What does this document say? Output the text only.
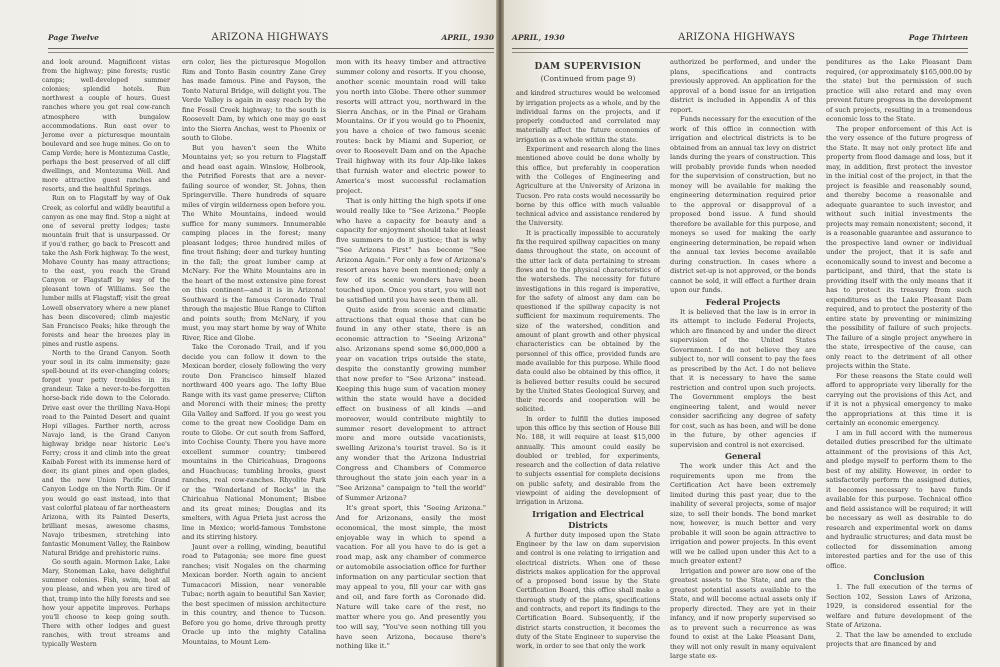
Page Twelve	ARIZONA HIGHWAYS	APRIL, 1930

and look around. Magnificent vistas from the highway; pine forests; rustic camps; well-developed summer colonies; splendid hotels. Run northwest a couple of hours. Guest ranches where you get real cow-ranch atmosphere with bungalow accommodations. Run east over to Jerome over a picturesque mountain boulevard and see huge mines. Go on to Camp Verde; here is Montezuma Castle, perhaps the best preserved of all cliff dwellings, and Montezuma Well. And more attractive guest ranches and resorts, and the healthful Springs.

Run on to Flagstaff by way of Oak Creek, as colorful and wildly beautiful a canyon as one may find. Stop a night at one of several pretty lodges; taste mountain fruit that is unsurpassed. Or if you'd rather, go back to Prescott and take the Ash Fork highway. To the west, Mohave County has many attractions; to the east, you reach the Grand Canyon or Flagstaff by way of the pleasant town of Williams. See the lumber mills at Flagstaff; visit the great Lowell observatory where a new planet has been discovered; climb majestic San Francisco Peaks; hike through the forests and hear the breezes play in pines and rustle aspens.

North to the Grand Canyon. Sooth your soul in its calm immensity; gaze spell-bound at its ever-changing colors; forget your petty troubles in its grandeur. Take a never-to-be-forgotten horse-back ride down to the Colorado. Drive east over the thrilling Nava-Hopi road to the Painted Desert and quaint Hopi villages. Farther north, across Navajo land, is the Grand Canyon highway bridge near historic Lee's Ferry; cross it and climb into the great Kaibab Forest with its immense herd of deer, its giant pines and open glades, and the new Union Pacific Grand Canyon Lodge on the North Rim. Or if you would go east instead, into that vast colorful plateau of far northeastern Arizona, with its Painted Deserts, brilliant mesas, awesome chasms, Navajo tribesmen, stretching into fantastic Monument Valley, the Rainbow Natural Bridge and prehistoric ruins.

Go south again. Mormon Lake, Lake Mary, Stoneman Lake, have delightful summer colonies. Fish, swim, boat all you please, and when you are tired of that, tramp into the hilly forests and see how your appetite improves. Perhaps you'll choose to keep going south. There with other lodges and guest ranches, with trout streams and typically Western

ern color, lies the picturesque Mogollon Rim and Tonto Basin country Zane Grey has made famous. Pine and Payson, the Tonto Natural Bridge, will delight you. The Verde Valley is again in easy reach by the fine Fossil Creek highway; to the south is Roosevelt Dam, by which one may go east into the Sierra Anchas, west to Phoenix or south to Globe.

But you haven't seen the White Mountains yet; so you return to Flagstaff and head east again. Winslow, Holbrook, the Petrified Forests that are a never-failing source of wonder, St. Johns, then Springerville. There hundreds of square miles of virgin wilderness open before you. The White Mountains, indeed would suffice for many summers. Innumerable camping places in the forest; many pleasant lodges; three hundred miles of fine trout fishing; deer and turkey hunting in the fall; the great lumber camp at McNary. For the White Mountains are in the heart of the most extensive pine forest on this continent—and it is in Arizona! Southward is the famous Coronado Trail through the majestic Blue Range to Clifton and points south; from McNary, if you must, you may start home by way of White River, Rice and Globe.

Take the Coronado Trail, and if you decide you can follow it down to the Mexican border, closely following the very route Don Francisco himself blazed northward 400 years ago. The lofty Blue Range with its vast game preserve; Clifton and Morenci with their mines; the pretty Gila Valley and Safford. If you go west you come to the great new Coolidge Dam en route to Globe. Or cut south from Safford, into Cochise County. There you have more excellent summer country; timbered mountains in the Chiricahuas, Dragoons and Huachucas; tumbling brooks, guest ranches, real cow-ranches. Rhyolite Park or the "Wonderland of Rocks" in the Chiricahua National Monument; Bisbee and its great mines; Douglas and its smelters, with Agua Prieta just across the line in Mexico; world-famous Tombstone and its stirring history.

Jaunt over a rolling, winding, beautiful road to Patagonia; see more fine guest ranches; visit Nogales on the charming Mexican border. North again to ancient Tumacacori Mission, near venerable Tubac; north again to beautiful San Xavier, the best specimen of mission architecture in this country, and thence to Tucson. Before you go home, drive through pretty Oracle up into the mighty Catalina Mountains, to Mount Lem-

mon with its heavy timber and attractive summer colony and resorts. If you choose, another scenic mountain road will take you north into Globe. There other summer resorts will attract you, northward in the Sierra Anchas, or in the Pinal or Graham Mountains. Or if you would go to Phoenix, you have a choice of two famous scenic routes: back by Miami and Superior, or over to Roosevelt Dam and on the Apache Trail highway with its four Alp-like lakes that furnish water and electric power to America's most successful reclamation project.

That is only hitting the high spots if one would really like to "See Arizona." People who have a capacity for beauty and a capacity for enjoyment should take at least five summers to do it justice; that is why "See Arizona First" has become "See Arizona Again." For only a few of Arizona's resort areas have been mentioned; only a few of its scenic wonders have been touched upon. Once you start, you will not be satisfied until you have seen them all.

Quite aside from scenic and climatic attractions that equal those that can be found in any other state, there is an economic attraction to "Seeing Arizona" also. Arizonans spend some $6,000,000 a year on vacation trips outside the state, despite the constantly growing number that now prefer to "See Arizona" instead. Keeping this huge sum of vacation money within the state would have a decided effect on business of all kinds —and moreover, would contribute mightily to summer resort development to attract more and more outside vacationists, swelling Arizona's tourist travel. So is it any wonder that the Arizona Industrial Congress and Chambers of Commerce throughout the state join each year in a "See Arizona" campaign to "tell the world" of Summer Arizona?

It's great sport, this "Seeing Arizona." And for Arizonans, easily the most economical, the most simple, the most enjoyable way in which to spend a vacation. For all you have to do is get a road map, ask any chamber of commerce or automobile association office for further information on any particular section that may appeal to you, fill your car with gas and oil, and fare forth as Coronado did. Nature will take care of the rest, no matter where you go. And presently you too will say, "You've seen nothing till you have seen Arizona, because there's nothing like it."

APRIL, 1930	ARIZONA HIGHWAYS	Page Thirteen
DAM SUPERVISION

(Continued from page 9)

and kindred structures would be welcomed by irrigation projects as a whole, and by the individual farms on the projects, and if properly conducted and correlated may materially affect the future economies of irrigation as a whole within the state.

Experiment and research along the lines mentioned above could be done wholly by this office, but preferably in cooperation with the Colleges of Engineering and Agriculture at the University of Arizona in Tucson. Pro rata costs would necessarily be borne by this office with much valuable technical advice and assistance rendered by the University.

It is practically impossible to accurately fix the required spillway capacities on many dams throughout the state, on account of the utter lack of data pertaining to stream flows and to the physical characteristics of the watersheds. The necessity for future investigations in this regard is imperative, for the safety of almost any dam can be questioned if the spillway capacity is not sufficient for maximum requirements. The size of the watershed, condition and amount of plant growth and other physical characteristics can be obtained by the personnel of this office, provided funds are made available for this purpose. While flood data could also be obtained by this office, it is believed better results could be secured by the United States Geological Survey, and their records and cooperation will be solicited.

In order to fulfill the duties imposed upon this office by this section of House Bill No. 188, it will require at least $15,000 annually. This amount could easily be doubled or trebled, for experiments, research and the collection of data relative to subjects essential for complete decisions on public safety, and desirable from the viewpoint of aiding the development of irrigation in Arizona.

Irrigation and Electrical Districts

A further duty imposed upon the State Engineer by the law on dam supervision and control is one relating to irrigation and electrical districts. When one of these districts makes application for the approval of a proposed bond issue by the State Certification Board, this office shall make a thorough study of the plans, specifications and contracts, and report its findings to the Certification Board. Subsequently, if the district starts construction, it becomes the duty of the State Engineer to supervise the work, in order to see that only the work

authorized be performed, and under the plans, specifications and contracts previously approved. An application for the approval of a bond issue for an irrigation district is included in Appendix A of this report.

Funds necessary for the execution of the work of this office in connection with irrigation and electrical districts is to be obtained from an annual tax levy on district lands during the years of construction. This will probably provide funds when needed for the supervision of construction, but no money will be available for making the engineering determination required prior to the approval or disapproval of a proposed bond issue. A fund should therefore be available for this purpose, and moneys so used for making the early engineering determination, be repaid when the annual tax levies become available during construction. In cases where a district set-up is not approved, or the bonds cannot be sold, it will effect a further drain upon our funds.

Federal Projects

It is believed that the law is in error in its attempt to include Federal Projects, which are financed by and under the direct supervision of the United States Government. I do not believe they are subject to, nor will consent to pay the fees as prescribed by the Act. I do not believe that it is necessary to have the same restriction and control upon such projects. The Government employs the best engineering talent, and would never consider sacrificing any degree of safety for cost, such as has been, and will be done in the future, by other agencies if supervision and control is not exercised.

General

The work under this Act and the requirements upon me from the Certification Act have been extremely limited during this past year, due to the inability of several projects, some of major size, to sell their bonds. The bond market now, however, is much better and very probable it will soon be again attractive to irrigation and power projects. In this event will we be called upon under this Act to a much greater extent?

Irrigation and power are now one of the greatest assets to the State, and are the greatest potential assets available to the State, and will become actual assets only if properly directed. They are yet in their infancy, and if now properly supervised so as to prevent such a recurrence as was found to exist at the Lake Pleasant Dam, they will not only result in many equivalent large state ex-

penditures as the Lake Pleasant Dam required, (or approximately $165,000.00 by the state) but the permission of such practice will also retard and may even prevent future progress in the development of such projects, resulting in a tremendous economic loss to the State.

The proper enforcement of this Act is the very essence of the future progress of the State. It may not only protect life and property from flood damage and loss, but it may, in addition, first protect the investor in the initial cost of the project, in that the project is feasible and reasonably sound, and thereby become a reasonable and adequate guarantee to such investor, and without such initial investments the projects may remain nonexistent; second, it is a reasonable guarantee and assurance to the prospective land owner or individual under the project, that it is safe and economically sound to invest and become a participant, and third, that the state is providing itself with the only means that it has to protect its treasury from such expenditures as the Lake Pleasant Dam required, and to protect the posterity of the entire state by preventing or minimizing the possibility of failure of such projects. The failure of a single project anywhere in the state, irrespective of the cause, can only react to the detriment of all other projects within the State.

For these reasons the State could well afford to appropriate very liberally for the carrying out the provisions of this Act, and if it is not a physical emergency to make the appropriations at this time it is certainly an economic emergency.

I am in full accord with the numerous detailed duties prescribed for the ultimate attainment of the provisions of this Act, and pledge myself to perform them to the best of my ability. However, in order to satisfactorily perform the assigned duties, it becomes necessary to have funds available for this purpose. Technical office and field assistance will be required; it will be necessary as well as desirable to do research and experimental work on dams and hydraulic structures; and data must be collected for dissemination among interested parties and for the use of this office.

Conclusion

1. The full execution of the terms of Section 102, Session Laws of Arizona, 1929, is considered essential for the welfare and future development of the State of Arizona.

2. That the law be amended to exclude projects that are financed by and
